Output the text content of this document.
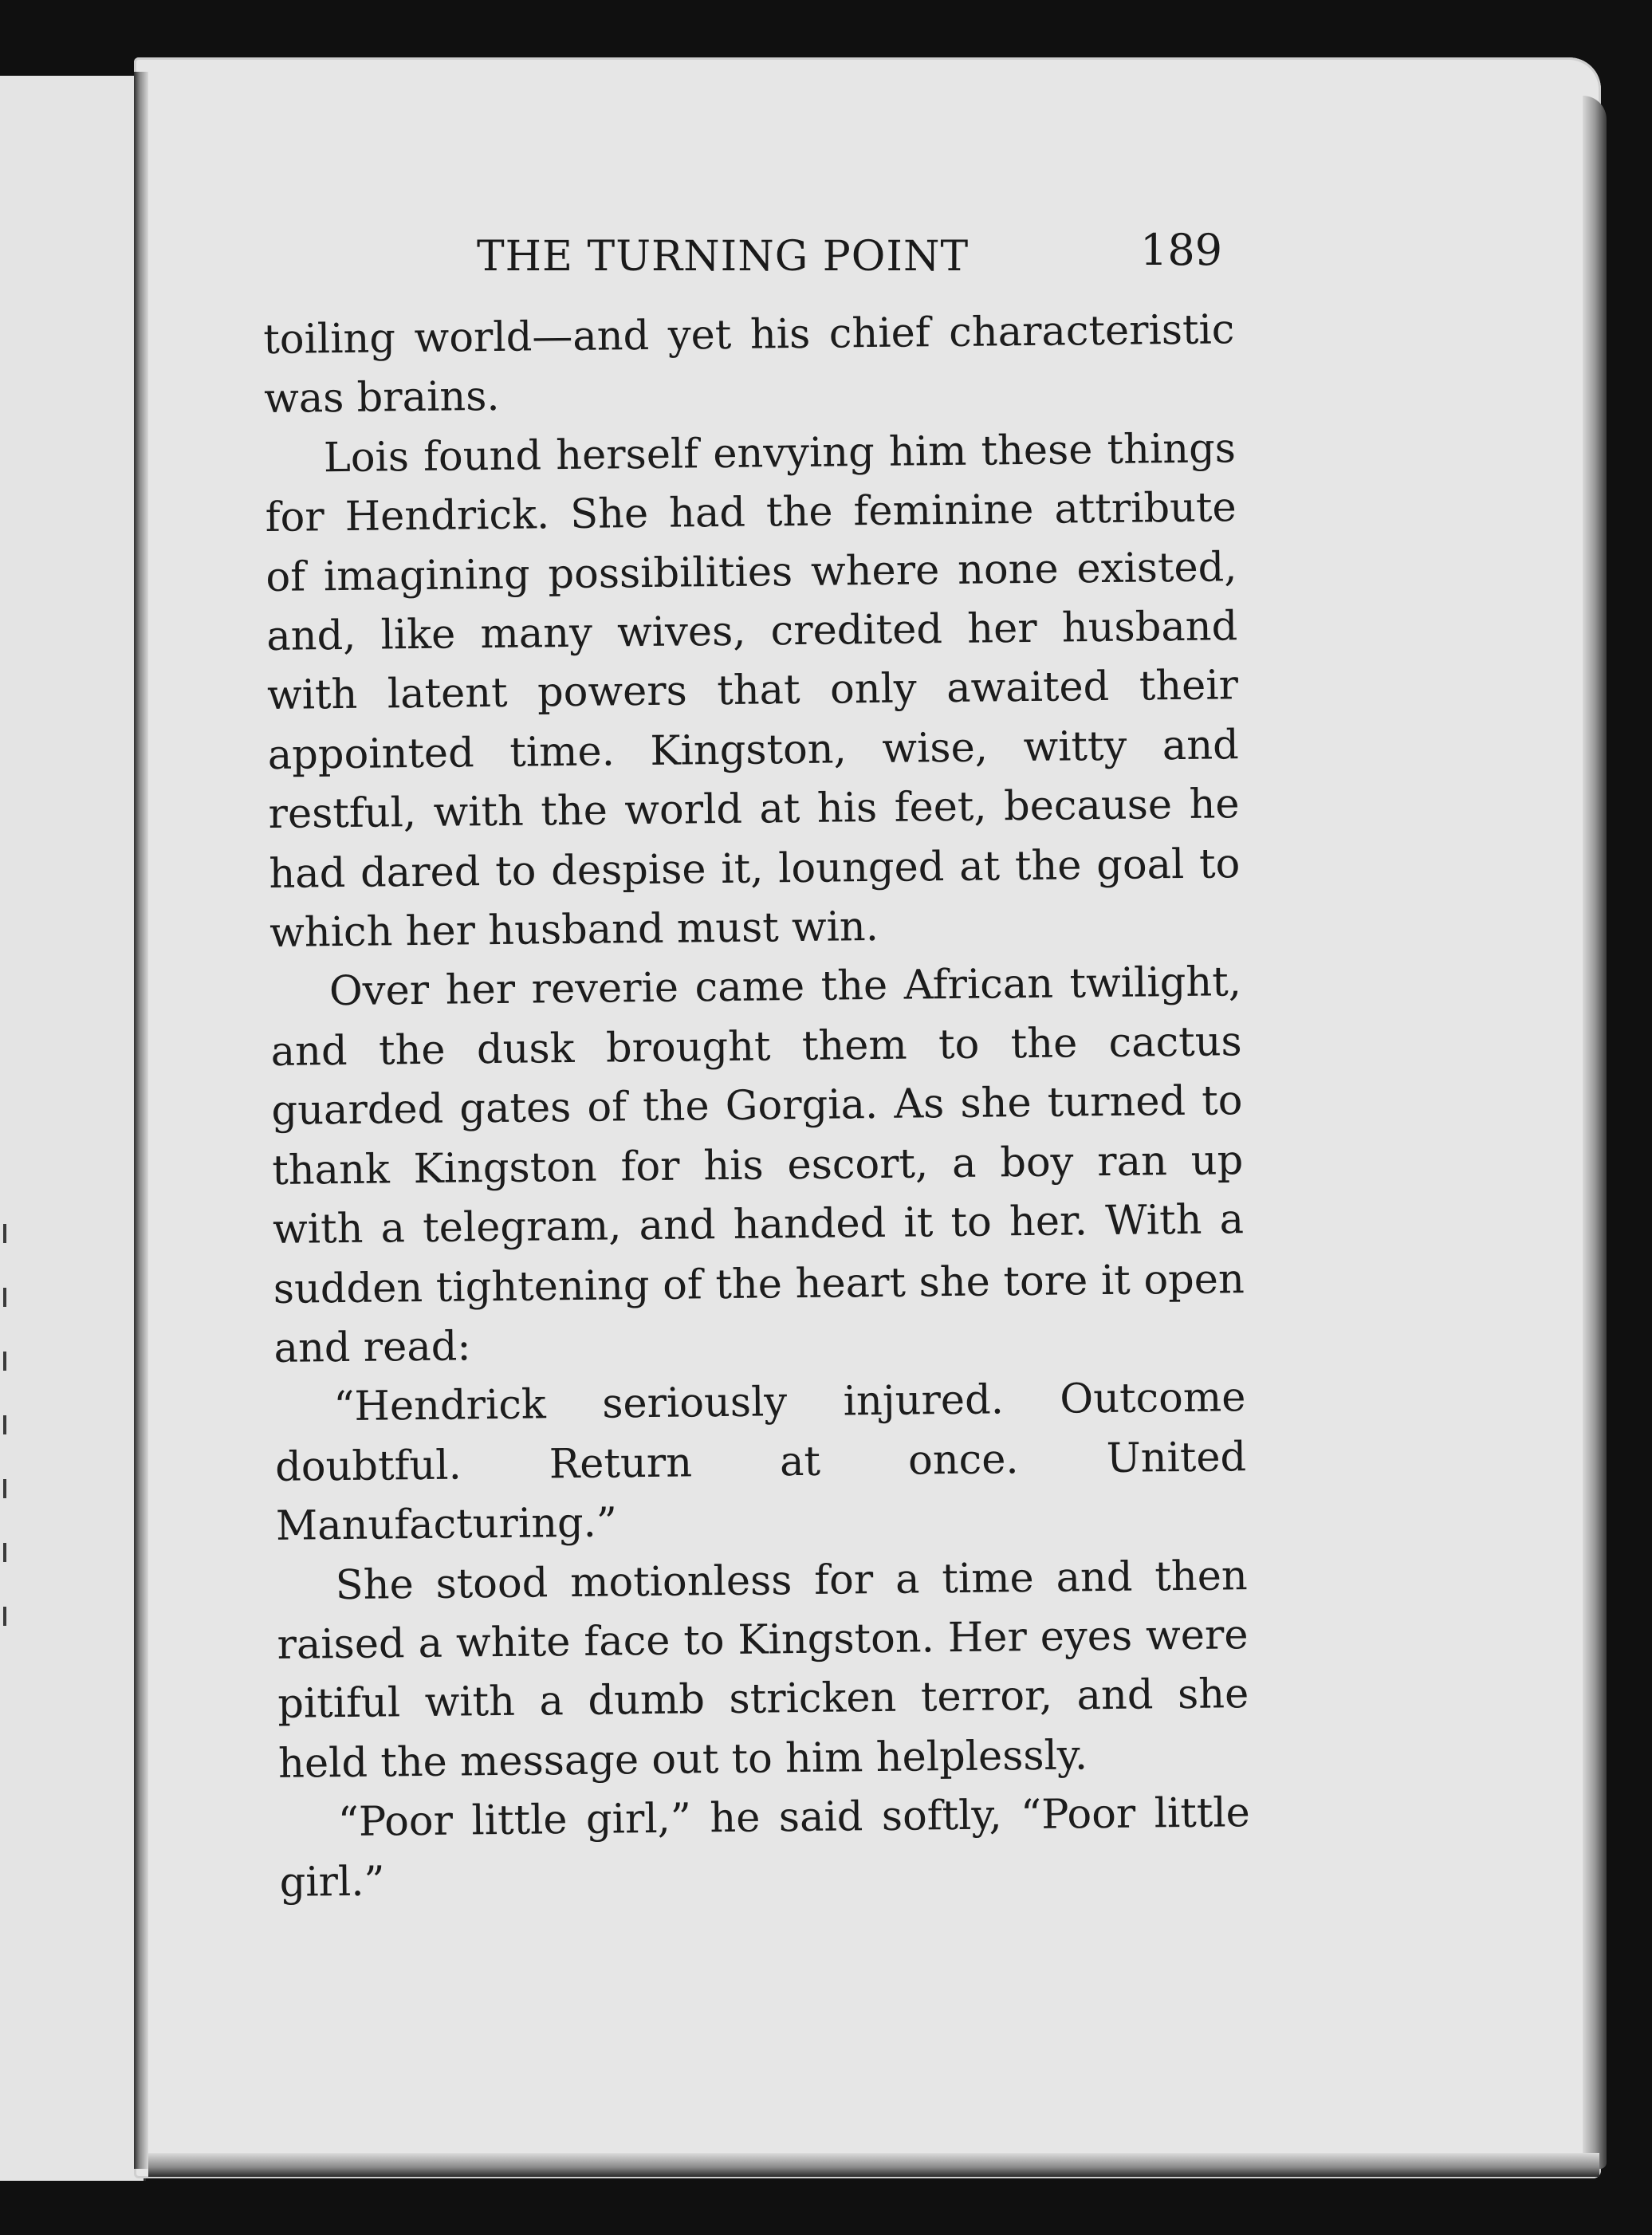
THE TURNING POINT	189

toiling world—and yet his chief characteristic was brains.

Lois found herself envying him these things for Hendrick. She had the feminine attribute of imagining possibilities where none existed, and, like many wives, credited her husband with latent powers that only awaited their appointed time. Kingston, wise, witty and restful, with the world at his feet, because he had dared to despise it, lounged at the goal to which her husband must win.

Over her reverie came the African twilight, and the dusk brought them to the cactus guarded gates of the Gorgia. As she turned to thank Kingston for his escort, a boy ran up with a telegram, and handed it to her. With a sudden tightening of the heart she tore it open and read:

“Hendrick seriously injured. Outcome doubtful. Return at once. United Manufacturing.”

She stood motionless for a time and then raised a white face to Kingston. Her eyes were pitiful with a dumb stricken terror, and she held the message out to him helplessly.

“Poor little girl,” he said softly, “Poor little girl.”
